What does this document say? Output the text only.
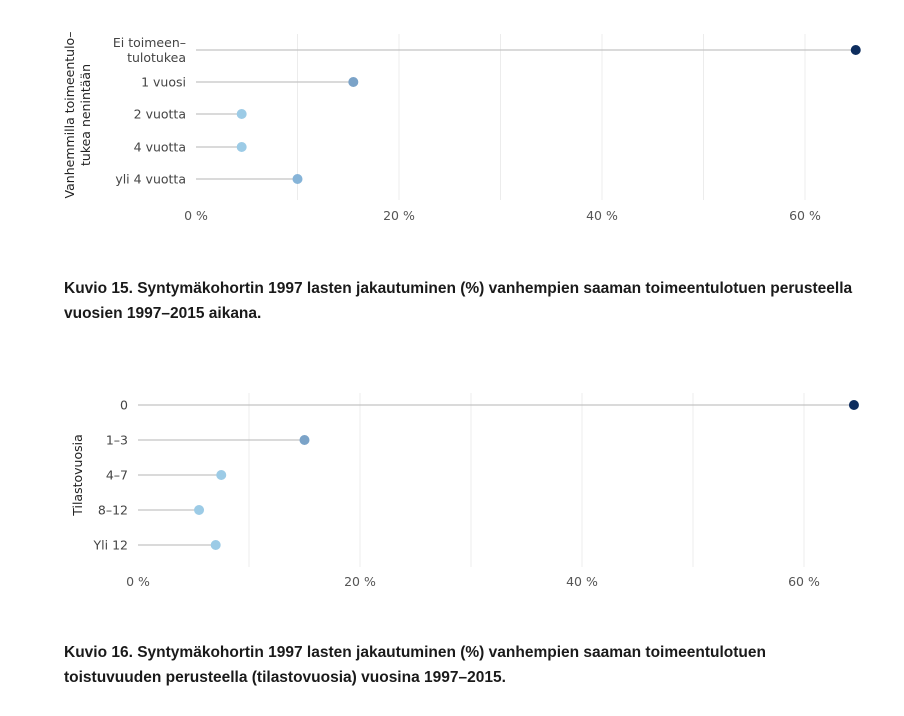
0 %	20 %	40 %	60 %
Vanhemmilla toimeentulo–tukea nenintään
Ei toimeen– tulotukea
1 vuosi
2 vuotta
4 vuotta
yli 4 vuotta

Kuvio 15. Syntymäkohortin 1997 lasten jakautuminen (%) vanhempien saaman toimeentulotuen perusteella
vuosien 1997–2015 aikana.

0 %	20 %	40 %	60 %
Tilastovuosia
0
1–3
4–7
8–12
Yli 12

Kuvio 16. Syntymäkohortin 1997 lasten jakautuminen (%) vanhempien saaman toimeentulotuen
toistuvuuden perusteella (tilastovuosia) vuosina 1997–2015.
